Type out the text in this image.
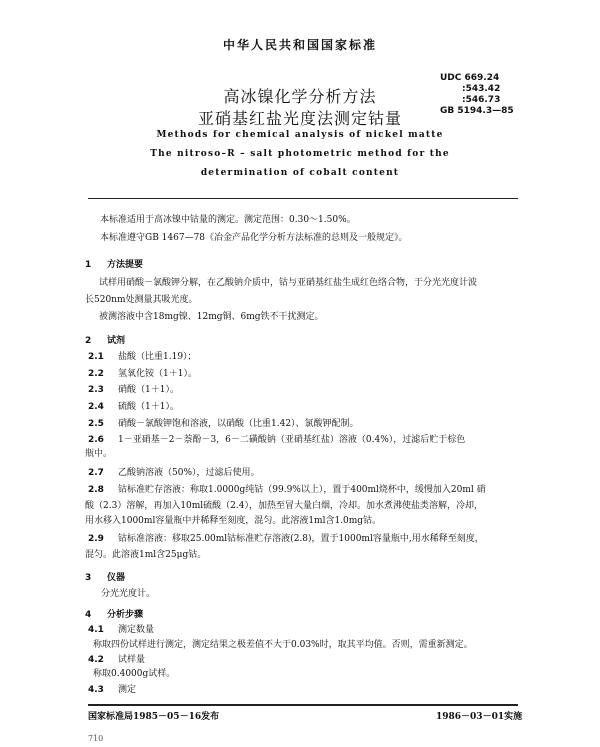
中华人民共和国国家标准
UDC 669.24
:543.42
:546.73
GB 5194.3—85
高冰镍化学分析方法
亚硝基红盐光度法测定钴量
Methods for chemical analysis of nickel matte
The nitroso–R – salt photometric method for the
determination of cobalt content
本标准适用于高冰镍中钴量的测定。测定范围：0.30～1.50%。
本标准遵守GB 1467—78《冶金产品化学分析方法标准的总则及一般规定》。
1 方法提要
试样用硝酸－氯酸钾分解，在乙酸钠介质中，钴与亚硝基红盐生成红色络合物，于分光光度计波
长520nm处测量其吸光度。
被测溶液中含18mg镍、12mg铜、6mg铁不干扰测定。
2 试剂
2.1 盐酸（比重1.19）；
2.2 氢氧化铵（1＋1）。
2.3 硝酸（1＋1）。
2.4 硫酸（1＋1）。
2.5 硝酸－氯酸钾饱和溶液，以硝酸（比重1.42）、氯酸钾配制。
2.6 1－亚硝基－2－萘酚－3，6－二磺酸钠（亚硝基红盐）溶液（0.4%），过滤后贮于棕色
瓶中。
2.7 乙酸钠溶液（50%），过滤后使用。
2.8 钴标准贮存溶液：称取1.0000g纯钴（99.9%以上），置于400ml烧杯中，缓慢加入20ml 硝
酸（2.3）溶解，再加入10ml硫酸（2.4），加热至冒大量白烟，冷却。加水煮沸使盐类溶解，冷却，
用水移入1000ml容量瓶中并稀释至刻度，混匀。此溶液1ml含1.0mg钴。
2.9 钴标准溶液：移取25.00ml钴标准贮存溶液(2.8)，置于1000ml容量瓶中,用水稀释至刻度，
混匀。此溶液1ml含25μg钴。
3 仪器
分光光度计。
4 分析步骤
4.1 测定数量
称取四份试样进行测定，测定结果之极差值不大于0.03%时，取其平均值。否则，需重新测定。
4.2 试样量
称取0.4000g试样。
4.3 测定
国家标准局1985－05－16发布	1986－03－01实施
710
